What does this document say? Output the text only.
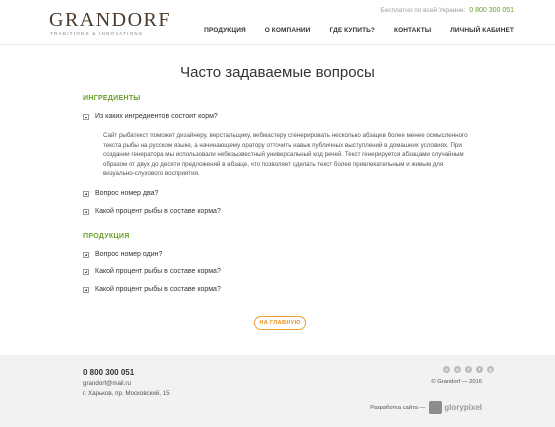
GRANDORF
TRADITIONS & INNOVATIONS
Бесплатно по всей Украине: 0 800 300 051
ПРОДУКЦИЯ	О КОМПАНИИ	ГДЕ КУПИТЬ?	КОНТАКТЫ	ЛИЧНЫЙ КАБИНЕТ
Часто задаваемые вопросы
ИНГРЕДИЕНТЫ
Из каких ингредиентов состоит корм?
Сайт рыбатекст поможет дизайнеру, верстальщику, вебмастеру сгенерировать несколько абзацев более менее осмысленного текста рыбы на русском языке, а начинающему оратору отточить навык публичных выступлений в домашних условиях. При создании генератора мы использовали небезызвестный универсальный код речей. Текст генерируется абзацами случайным образом от двух до десяти предложений в абзаце, что позволяет сделать текст более привлекательным и живым для визуально-слухового восприятия.
Вопрос номер два?
Какой процент рыбы в составе корма?
ПРОДУКЦИЯ
Вопрос номер один?
Какой процент рыбы в составе корма?
Какой процент рыбы в составе корма?
НА ГЛАВНУЮ
0 800 300 051
grandorf@mail.ru
г. Харьков, пр. Московский, 15
v	o	f	t	g
© Grandorf — 2016
Разработка сайта — glorypixel
